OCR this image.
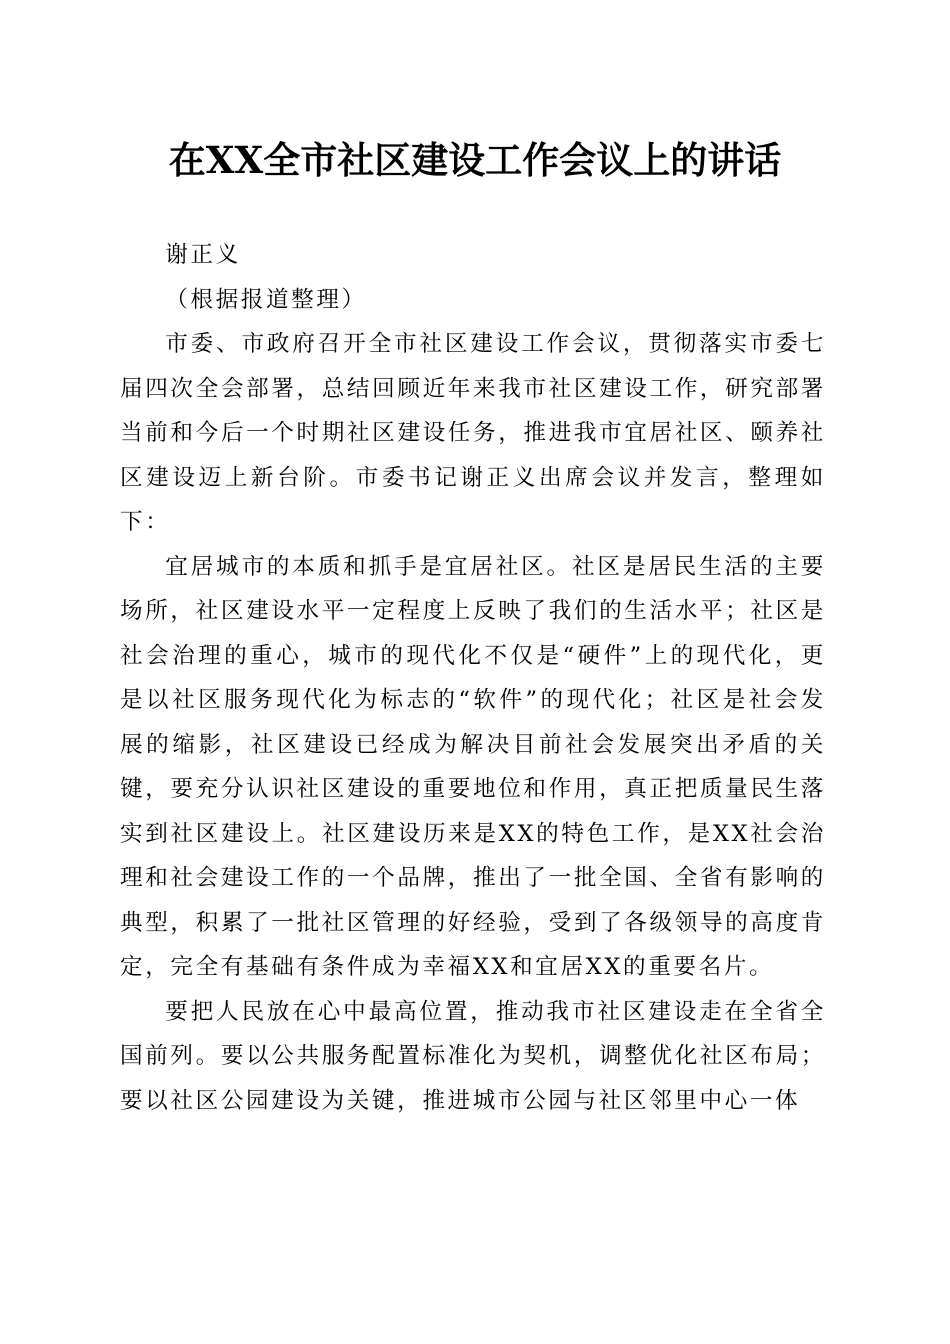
在XX全市社区建设工作会议上的讲话

谢正义

（根据报道整理）

市委、市政府召开全市社区建设工作会议，贯彻落实市委七届四次全会部署，总结回顾近年来我市社区建设工作，研究部署当前和今后一个时期社区建设任务，推进我市宜居社区、颐养社区建设迈上新台阶。市委书记谢正义出席会议并发言，整理如下：

宜居城市的本质和抓手是宜居社区。社区是居民生活的主要场所，社区建设水平一定程度上反映了我们的生活水平；社区是社会治理的重心，城市的现代化不仅是“硬件”上的现代化，更是以社区服务现代化为标志的“软件”的现代化；社区是社会发展的缩影，社区建设已经成为解决目前社会发展突出矛盾的关键，要充分认识社区建设的重要地位和作用，真正把质量民生落实到社区建设上。社区建设历来是XX的特色工作，是XX社会治理和社会建设工作的一个品牌，推出了一批全国、全省有影响的典型，积累了一批社区管理的好经验，受到了各级领导的高度肯定，完全有基础有条件成为幸福XX和宜居XX的重要名片。

要把人民放在心中最高位置，推动我市社区建设走在全省全国前列。要以公共服务配置标准化为契机，调整优化社区布局；要以社区公园建设为关键，推进城市公园与社区邻里中心一体
